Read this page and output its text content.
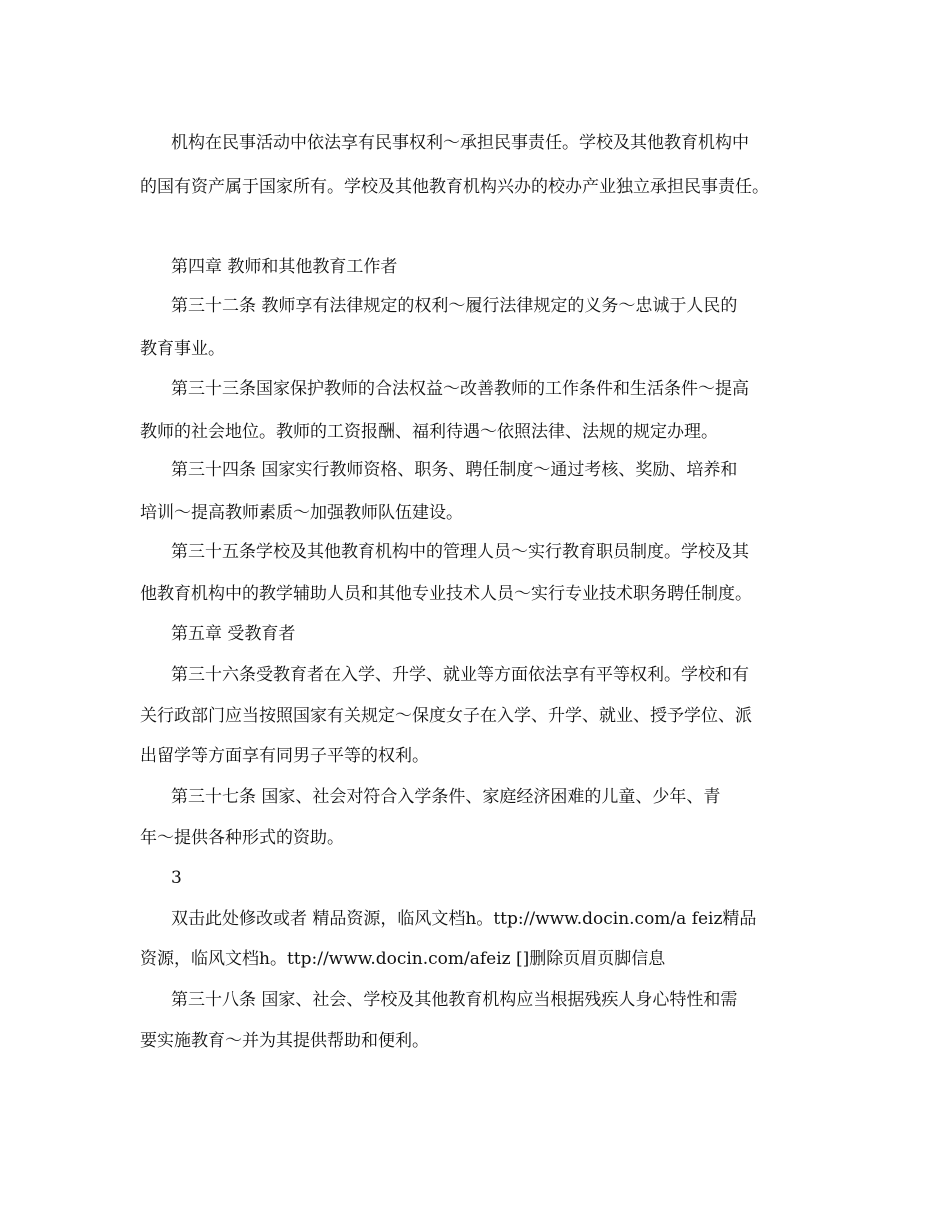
机构在民事活动中依法享有民事权利～承担民事责任。学校及其他教育机构中
的国有资产属于国家所有。学校及其他教育机构兴办的校办产业独立承担民事责任。
第四章 教师和其他教育工作者
第三十二条 教师享有法律规定的权利～履行法律规定的义务～忠诚于人民的
教育事业。
第三十三条国家保护教师的合法权益～改善教师的工作条件和生活条件～提高
教师的社会地位。教师的工资报酬、福利待遇～依照法律、法规的规定办理。
第三十四条 国家实行教师资格、职务、聘任制度～通过考核、奖励、培养和
培训～提高教师素质～加强教师队伍建设。
第三十五条学校及其他教育机构中的管理人员～实行教育职员制度。学校及其
他教育机构中的教学辅助人员和其他专业技术人员～实行专业技术职务聘任制度。
第五章 受教育者
第三十六条受教育者在入学、升学、就业等方面依法享有平等权利。学校和有
关行政部门应当按照国家有关规定～保度女子在入学、升学、就业、授予学位、派
出留学等方面享有同男子平等的权利。
第三十七条 国家、社会对符合入学条件、家庭经济困难的儿童、少年、青
年～提供各种形式的资助。
3
双击此处修改或者 精品资源，临风文档h。ttp://www.docin.com/a feiz精品
资源，临风文档h。ttp://www.docin.com/afeiz []删除页眉页脚信息
第三十八条 国家、社会、学校及其他教育机构应当根据残疾人身心特性和需
要实施教育～并为其提供帮助和便利。
